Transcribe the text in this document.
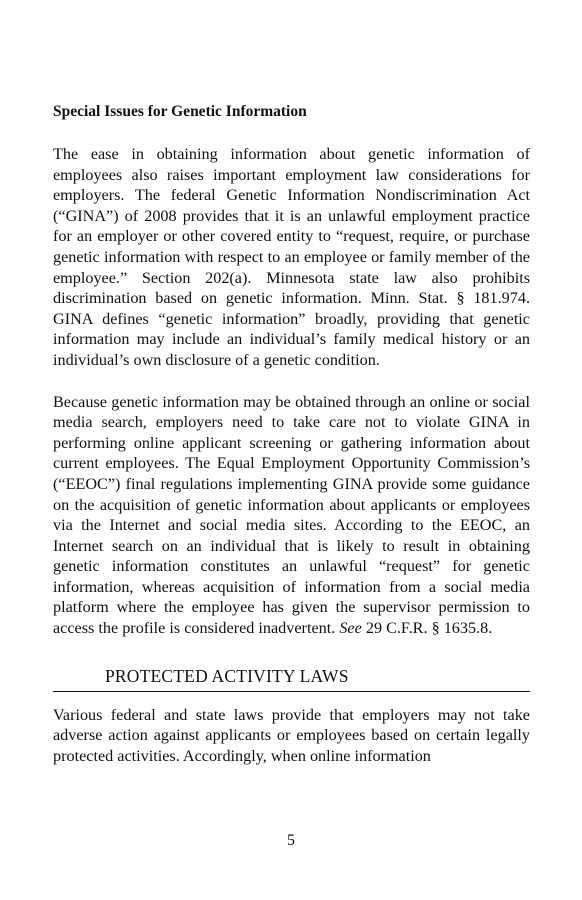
Special Issues for Genetic Information

The ease in obtaining information about genetic information of employees also raises important employment law considerations for employers. The federal Genetic Information Nondiscrimination Act (“GINA”) of 2008 provides that it is an unlawful employment practice for an employer or other covered entity to “request, require, or purchase genetic information with respect to an employee or family member of the employee.” Section 202(a). Minnesota state law also prohibits discrimination based on genetic information. Minn. Stat. § 181.974. GINA defines “genetic information” broadly, providing that genetic information may include an individual’s family medical history or an individual’s own disclosure of a genetic condition.

Because genetic information may be obtained through an online or social media search, employers need to take care not to violate GINA in performing online applicant screening or gathering information about current employees. The Equal Employment Opportunity Commission’s (“EEOC”) final regulations implementing GINA provide some guidance on the acquisition of genetic information about applicants or employees via the Internet and social media sites. According to the EEOC, an Internet search on an individual that is likely to result in obtaining genetic information constitutes an unlawful “request” for genetic information, whereas acquisition of information from a social media platform where the employee has given the supervisor permission to access the profile is considered inadvertent. See 29 C.F.R. § 1635.8.

PROTECTED ACTIVITY LAWS

Various federal and state laws provide that employers may not take adverse action against applicants or employees based on certain legally protected activities. Accordingly, when online information

5
